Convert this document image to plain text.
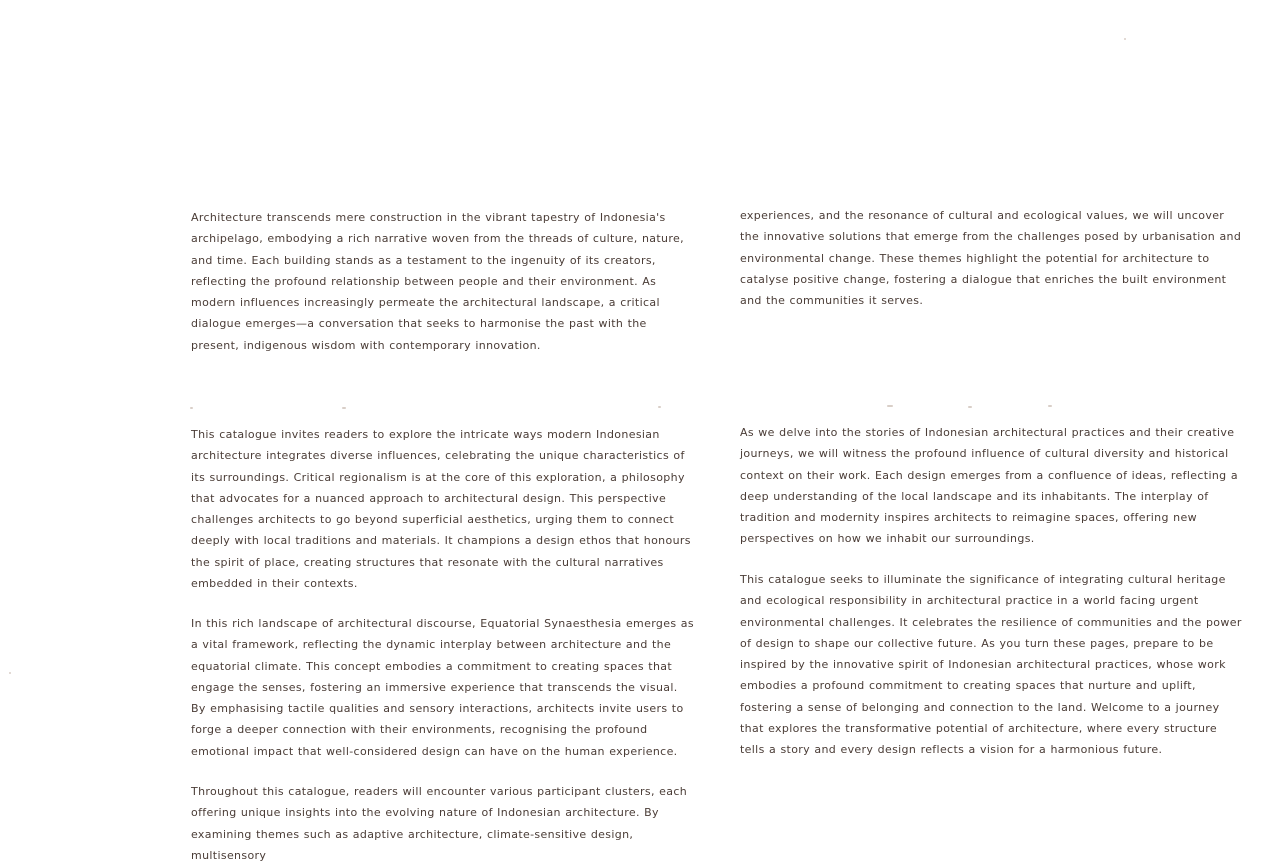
Architecture transcends mere construction in the vibrant tapestry of Indonesia's archipelago, embodying a rich narrative woven from the threads of culture, nature, and time. Each building stands as a testament to the ingenuity of its creators, reflecting the profound relationship between people and their environment. As modern influences increasingly permeate the architectural landscape, a critical dialogue emerges—a conversation that seeks to harmonise the past with the present, indigenous wisdom with contemporary innovation.

This catalogue invites readers to explore the intricate ways modern Indonesian architecture integrates diverse influences, celebrating the unique characteristics of its surroundings. Critical regionalism is at the core of this exploration, a philosophy that advocates for a nuanced approach to architectural design. This perspective challenges architects to go beyond superficial aesthetics, urging them to connect deeply with local traditions and materials. It champions a design ethos that honours the spirit of place, creating structures that resonate with the cultural narratives embedded in their contexts.

In this rich landscape of architectural discourse, Equatorial Synaesthesia emerges as a vital framework, reflecting the dynamic interplay between architecture and the equatorial climate. This concept embodies a commitment to creating spaces that engage the senses, fostering an immersive experience that transcends the visual. By emphasising tactile qualities and sensory interactions, architects invite users to forge a deeper connection with their environments, recognising the profound emotional impact that well-considered design can have on the human experience.

Throughout this catalogue, readers will encounter various participant clusters, each offering unique insights into the evolving nature of Indonesian architecture. By examining themes such as adaptive architecture, climate-sensitive design, multisensory

experiences, and the resonance of cultural and ecological values, we will uncover the innovative solutions that emerge from the challenges posed by urbanisation and environmental change. These themes highlight the potential for architecture to catalyse positive change, fostering a dialogue that enriches the built environment and the communities it serves.

As we delve into the stories of Indonesian architectural practices and their creative journeys, we will witness the profound influence of cultural diversity and historical context on their work. Each design emerges from a confluence of ideas, reflecting a deep understanding of the local landscape and its inhabitants. The interplay of tradition and modernity inspires architects to reimagine spaces, offering new perspectives on how we inhabit our surroundings.

This catalogue seeks to illuminate the significance of integrating cultural heritage and ecological responsibility in architectural practice in a world facing urgent environmental challenges. It celebrates the resilience of communities and the power of design to shape our collective future. As you turn these pages, prepare to be inspired by the innovative spirit of Indonesian architectural practices, whose work embodies a profound commitment to creating spaces that nurture and uplift, fostering a sense of belonging and connection to the land. Welcome to a journey that explores the transformative potential of architecture, where every structure tells a story and every design reflects a vision for a harmonious future.
